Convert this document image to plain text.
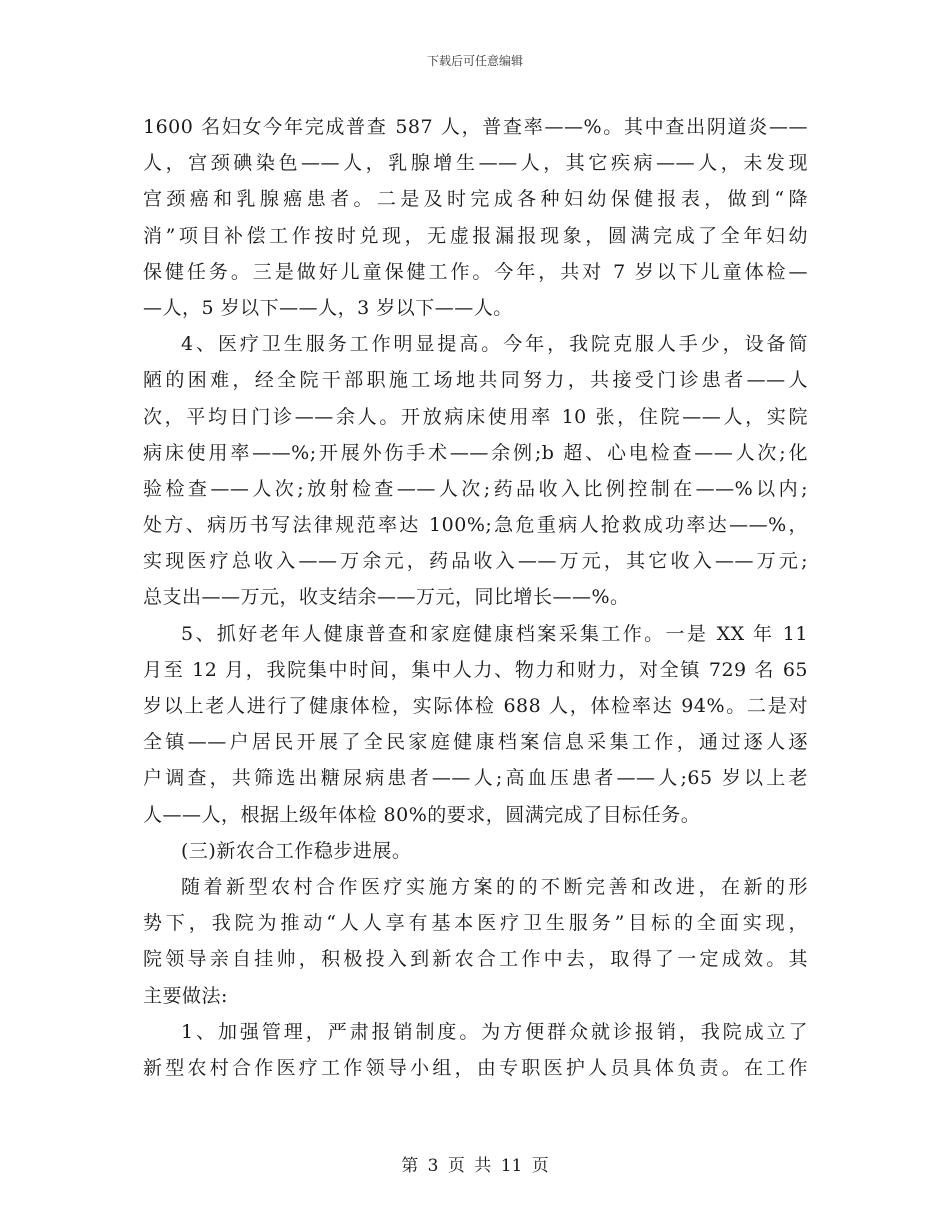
下载后可任意编辑
1600 名妇女今年完成普查 587 人，普查率——%。其中查出阴道炎——
人，宫颈碘染色——人，乳腺增生——人，其它疾病——人，未发现
宫颈癌和乳腺癌患者。二是及时完成各种妇幼保健报表，做到“降
消”项目补偿工作按时兑现，无虚报漏报现象，圆满完成了全年妇幼
保健任务。三是做好儿童保健工作。今年，共对 7 岁以下儿童体检—
—人，5 岁以下——人，3 岁以下——人。
4、医疗卫生服务工作明显提高。今年，我院克服人手少，设备简
陋的困难，经全院干部职施工场地共同努力，共接受门诊患者——人
次，平均日门诊——余人。开放病床使用率 10 张，住院——人，实院
病床使用率——%;开展外伤手术——余例;b 超、心电检查——人次;化
验检查——人次;放射检查——人次;药品收入比例控制在——%以内;
处方、病历书写法律规范率达 100%;急危重病人抢救成功率达——%，
实现医疗总收入——万余元，药品收入——万元，其它收入——万元;
总支出——万元，收支结余——万元，同比增长——%。
5、抓好老年人健康普查和家庭健康档案采集工作。一是 XX 年 11
月至 12 月，我院集中时间，集中人力、物力和财力，对全镇 729 名 65
岁以上老人进行了健康体检，实际体检 688 人，体检率达 94%。二是对
全镇——户居民开展了全民家庭健康档案信息采集工作，通过逐人逐
户调查，共筛选出糖尿病患者——人;高血压患者——人;65 岁以上老
人——人，根据上级年体检 80%的要求，圆满完成了目标任务。
(三)新农合工作稳步进展。
随着新型农村合作医疗实施方案的的不断完善和改进，在新的形
势下，我院为推动“人人享有基本医疗卫生服务”目标的全面实现，
院领导亲自挂帅，积极投入到新农合工作中去，取得了一定成效。其
主要做法:
1、加强管理，严肃报销制度。为方便群众就诊报销，我院成立了
新型农村合作医疗工作领导小组，由专职医护人员具体负责。在工作
第 3 页 共 11 页
